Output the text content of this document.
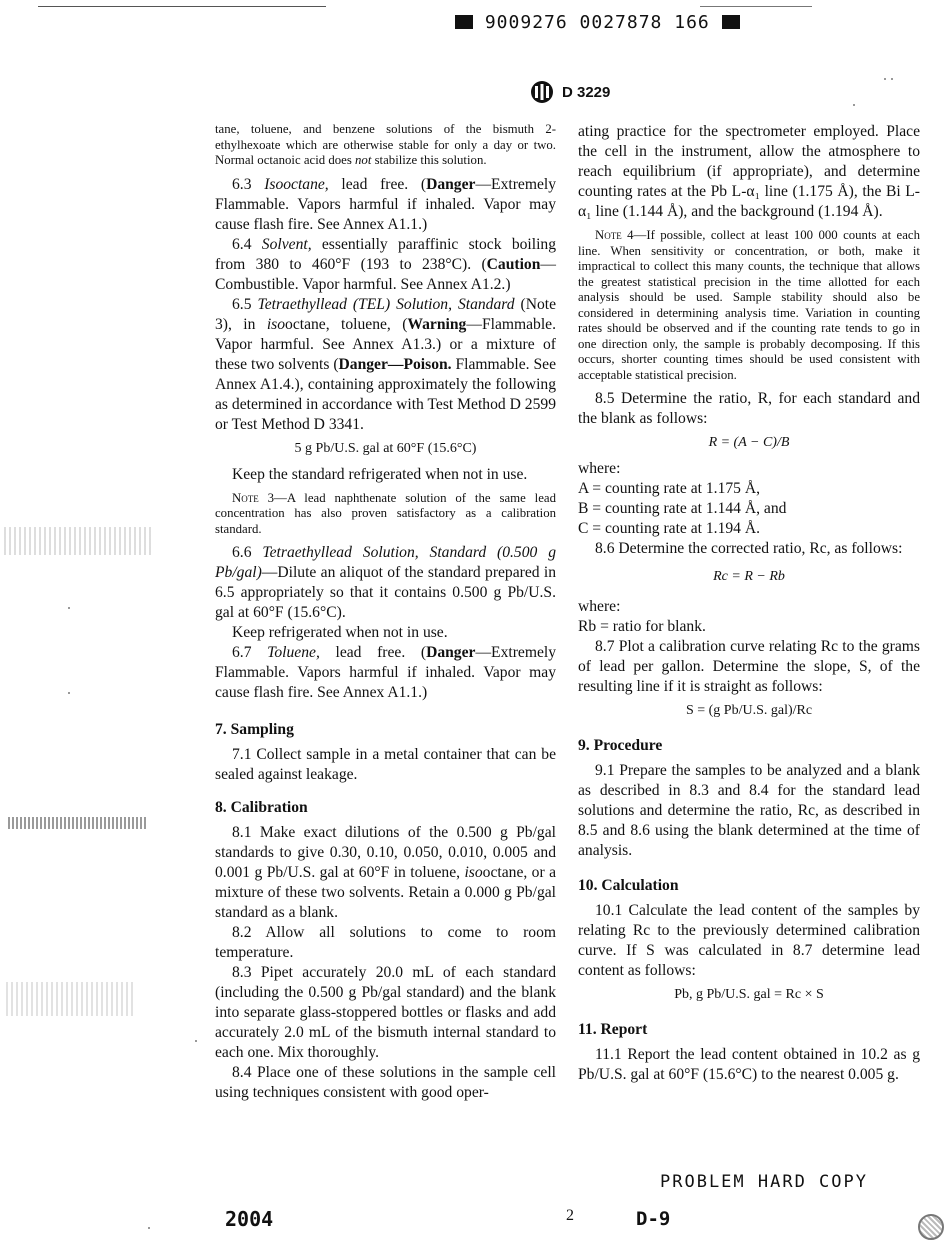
9009276 0027878 166
D 3229

tane, toluene, and benzene solutions of the bismuth 2-ethylhexoate which are otherwise stable for only a day or two. Normal octanoic acid does not stabilize this solution.

6.3 Isooctane, lead free. (Danger—Extremely Flammable. Vapors harmful if inhaled. Vapor may cause flash fire. See Annex A1.1.)

6.4 Solvent, essentially paraffinic stock boiling from 380 to 460°F (193 to 238°C). (Caution—Combustible. Vapor harmful. See Annex A1.2.)

6.5 Tetraethyllead (TEL) Solution, Standard (Note 3), in isooctane, toluene, (Warning—Flammable. Vapor harmful. See Annex A1.3.) or a mixture of these two solvents (Danger—Poison. Flammable. See Annex A1.4.), containing approximately the following as determined in accordance with Test Method D 2599 or Test Method D 3341.

5 g Pb/U.S. gal at 60°F (15.6°C)

Keep the standard refrigerated when not in use.

Note 3—A lead naphthenate solution of the same lead concentration has also proven satisfactory as a calibration standard.

6.6 Tetraethyllead Solution, Standard (0.500 g Pb/gal)—Dilute an aliquot of the standard prepared in 6.5 appropriately so that it contains 0.500 g Pb/U.S. gal at 60°F (15.6°C).

Keep refrigerated when not in use.

6.7 Toluene, lead free. (Danger—Extremely Flammable. Vapors harmful if inhaled. Vapor may cause flash fire. See Annex A1.1.)

7. Sampling

7.1 Collect sample in a metal container that can be sealed against leakage.

8. Calibration

8.1 Make exact dilutions of the 0.500 g Pb/gal standards to give 0.30, 0.10, 0.050, 0.010, 0.005 and 0.001 g Pb/U.S. gal at 60°F in toluene, isooctane, or a mixture of these two solvents. Retain a 0.000 g Pb/gal standard as a blank.

8.2 Allow all solutions to come to room temperature.

8.3 Pipet accurately 20.0 mL of each standard (including the 0.500 g Pb/gal standard) and the blank into separate glass-stoppered bottles or flasks and add accurately 2.0 mL of the bismuth internal standard to each one. Mix thoroughly.

8.4 Place one of these solutions in the sample cell using techniques consistent with good oper-

ating practice for the spectrometer employed. Place the cell in the instrument, allow the atmosphere to reach equilibrium (if appropriate), and determine counting rates at the Pb L-α₁ line (1.175 Å), the Bi L-α₁ line (1.144 Å), and the background (1.194 Å).

Note 4—If possible, collect at least 100 000 counts at each line. When sensitivity or concentration, or both, make it impractical to collect this many counts, the technique that allows the greatest statistical precision in the time allotted for each analysis should be used. Sample stability should also be considered in determining analysis time. Variation in counting rates should be observed and if the counting rate tends to go in one direction only, the sample is probably decomposing. If this occurs, shorter counting times should be used consistent with acceptable statistical precision.

8.5 Determine the ratio, R, for each standard and the blank as follows:

R = (A − C)/B

where:

A = counting rate at 1.175 Å,

B = counting rate at 1.144 Å, and

C = counting rate at 1.194 Å.

8.6 Determine the corrected ratio, Rc, as follows:

Rc = R − Rb

where:

Rb = ratio for blank.

8.7 Plot a calibration curve relating Rc to the grams of lead per gallon. Determine the slope, S, of the resulting line if it is straight as follows:

S = (g Pb/U.S. gal)/Rc

9. Procedure

9.1 Prepare the samples to be analyzed and a blank as described in 8.3 and 8.4 for the standard lead solutions and determine the ratio, Rc, as described in 8.5 and 8.6 using the blank determined at the time of analysis.

10. Calculation

10.1 Calculate the lead content of the samples by relating Rc to the previously determined calibration curve. If S was calculated in 8.7 determine lead content as follows:

Pb, g Pb/U.S. gal = Rc × S

11. Report

11.1 Report the lead content obtained in 10.2 as g Pb/U.S. gal at 60°F (15.6°C) to the nearest 0.005 g.

PROBLEM HARD COPY
2004	2	D-9
